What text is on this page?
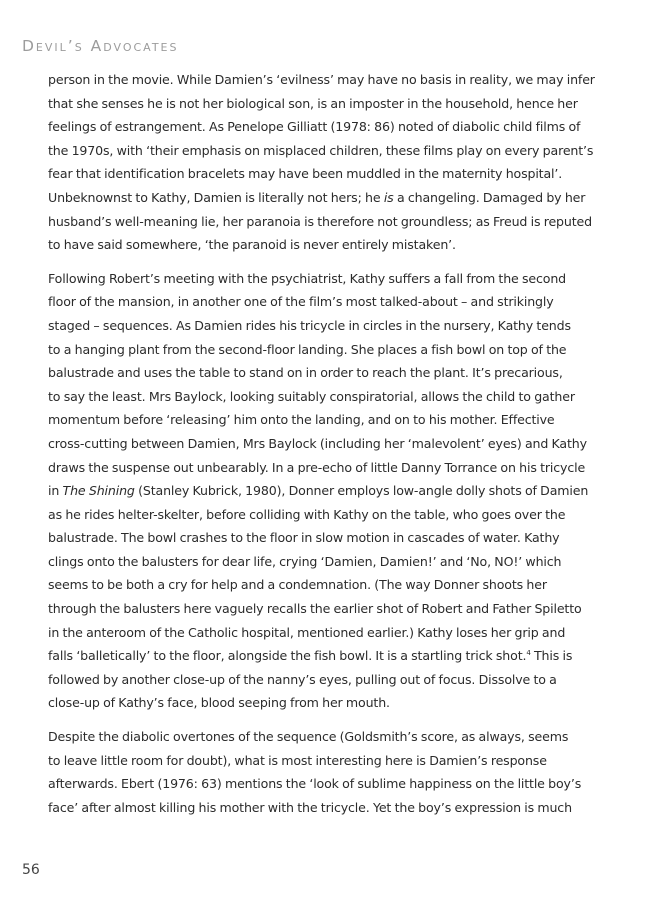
Devil’s Advocates

person in the movie. While Damien’s ‘evilness’ may have no basis in reality, we may infer
that she senses he is not her biological son, is an imposter in the household, hence her
feelings of estrangement. As Penelope Gilliatt (1978: 86) noted of diabolic child films of
the 1970s, with ‘their emphasis on misplaced children, these films play on every parent’s
fear that identification bracelets may have been muddled in the maternity hospital’.
Unbeknownst to Kathy, Damien is literally not hers; he is a changeling. Damaged by her
husband’s well-meaning lie, her paranoia is therefore not groundless; as Freud is reputed
to have said somewhere, ‘the paranoid is never entirely mistaken’.

Following Robert’s meeting with the psychiatrist, Kathy suffers a fall from the second
floor of the mansion, in another one of the film’s most talked-about – and strikingly
staged – sequences. As Damien rides his tricycle in circles in the nursery, Kathy tends
to a hanging plant from the second-floor landing. She places a fish bowl on top of the
balustrade and uses the table to stand on in order to reach the plant. It’s precarious,
to say the least. Mrs Baylock, looking suitably conspiratorial, allows the child to gather
momentum before ‘releasing’ him onto the landing, and on to his mother. Effective
cross-cutting between Damien, Mrs Baylock (including her ‘malevolent’ eyes) and Kathy
draws the suspense out unbearably. In a pre-echo of little Danny Torrance on his tricycle
in The Shining (Stanley Kubrick, 1980), Donner employs low-angle dolly shots of Damien
as he rides helter-skelter, before colliding with Kathy on the table, who goes over the
balustrade. The bowl crashes to the floor in slow motion in cascades of water. Kathy
clings onto the balusters for dear life, crying ‘Damien, Damien!’ and ‘No, NO!’ which
seems to be both a cry for help and a condemnation. (The way Donner shoots her
through the balusters here vaguely recalls the earlier shot of Robert and Father Spiletto
in the anteroom of the Catholic hospital, mentioned earlier.) Kathy loses her grip and
falls ‘balletically’ to the floor, alongside the fish bowl. It is a startling trick shot.$^4$ This is
followed by another close-up of the nanny’s eyes, pulling out of focus. Dissolve to a
close-up of Kathy’s face, blood seeping from her mouth.

Despite the diabolic overtones of the sequence (Goldsmith’s score, as always, seems
to leave little room for doubt), what is most interesting here is Damien’s response
afterwards. Ebert (1976: 63) mentions the ‘look of sublime happiness on the little boy’s
face’ after almost killing his mother with the tricycle. Yet the boy’s expression is much

56
